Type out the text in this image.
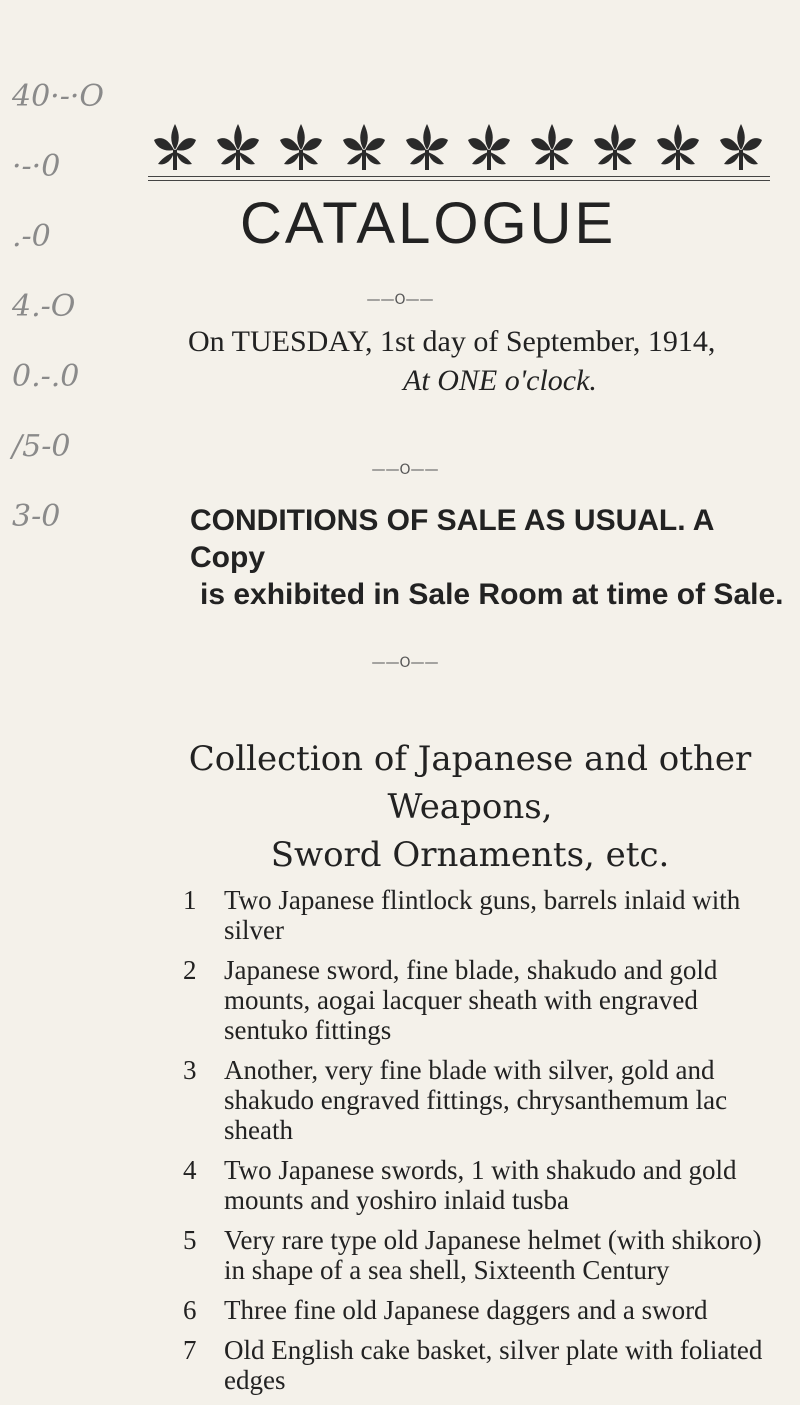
40·-·O
·-·0
.-0
4.-O
0.-.0
/5-0
3-0
CATALOGUE
——O——
On TUESDAY, 1st day of September, 1914,
At ONE o'clock.
——O——
CONDITIONS OF SALE AS USUAL. A Copy
is exhibited in Sale Room at time of Sale.
——O——
Collection of Japanese and other Weapons,
Sword Ornaments, etc.
1	Two Japanese flintlock guns, barrels inlaid with silver
2	Japanese sword, fine blade, shakudo and gold mounts, aogai lacquer sheath with engraved sentuko fittings
3	Another, very fine blade with silver, gold and shakudo engraved fittings, chrysanthemum lac sheath
4	Two Japanese swords, 1 with shakudo and gold mounts and yoshiro inlaid tusba
5	Very rare type old Japanese helmet (with shikoro) in shape of a sea shell, Sixteenth Century
6	Three fine old Japanese daggers and a sword
7	Old English cake basket, silver plate with foliated edges
